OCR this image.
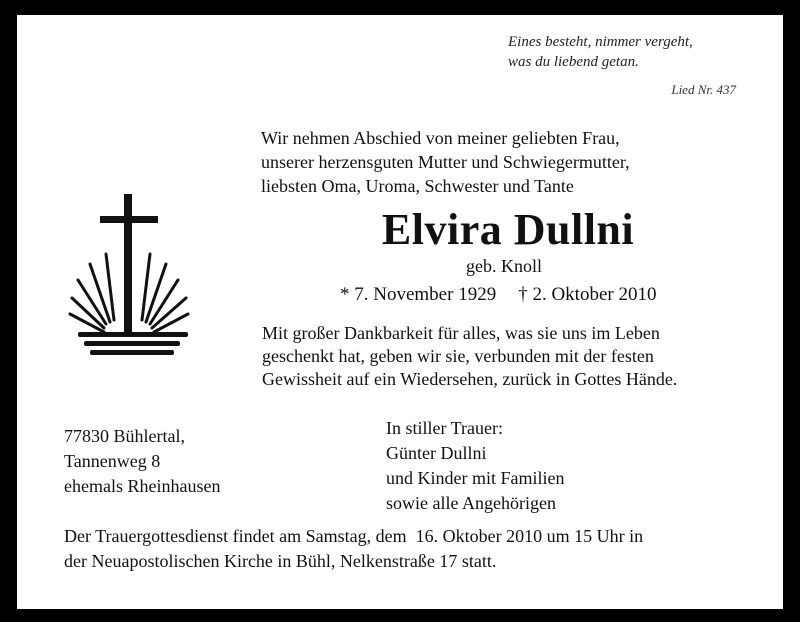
Eines besteht, nimmer vergeht,
was du liebend getan.
Lied Nr. 437
Wir nehmen Abschied von meiner geliebten Frau,
unserer herzensguten Mutter und Schwiegermutter,
liebsten Oma, Uroma, Schwester und Tante
Elvira Dullni
geb. Knoll
* 7. November 1929 † 2. Oktober 2010
Mit großer Dankbarkeit für alles, was sie uns im Leben
geschenkt hat, geben wir sie, verbunden mit der festen
Gewissheit auf ein Wiedersehen, zurück in Gottes Hände.
77830 Bühlertal,
Tannenweg 8
ehemals Rheinhausen
In stiller Trauer:
Günter Dullni
und Kinder mit Familien
sowie alle Angehörigen
Der Trauergottesdienst findet am Samstag, dem  16. Oktober 2010 um 15 Uhr in
der Neuapostolischen Kirche in Bühl, Nelkenstraße 17 statt.
